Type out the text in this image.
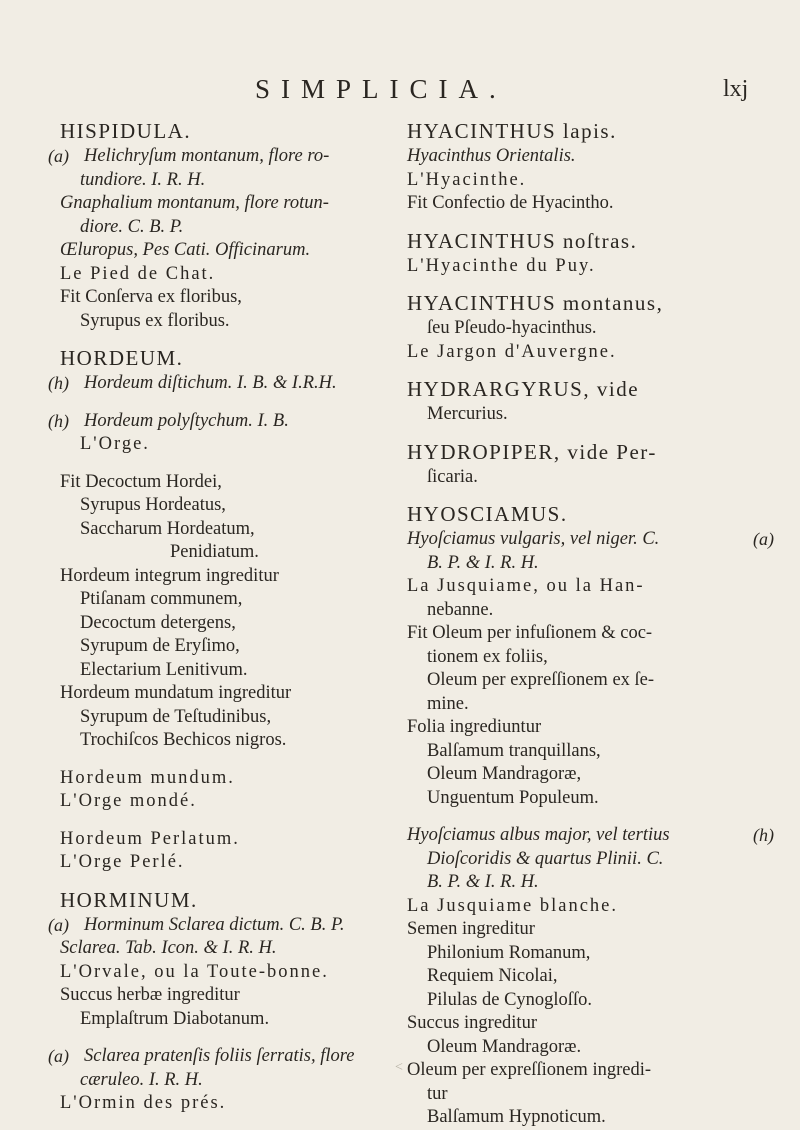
SIMPLICIA.	lxj
HISPIDULA.
Helichryſum montanum, flore ro-
(a)
tundiore. I. R. H.
Gnaphalium montanum, flore rotun-
diore. C. B. P.
Œluropus, Pes Cati. Officinarum.
Le Pied de Chat.
Fit Conſerva ex floribus,
Syrupus ex floribus.
HORDEUM.
Hordeum diſtichum. I. B. & I.R.H.
(h)
Hordeum polyſtychum. I. B.
(h)
L'Orge.
Fit Decoctum Hordei,
Syrupus Hordeatus,
Saccharum Hordeatum,
Penidiatum.
Hordeum integrum ingreditur
Ptiſanam communem,
Decoctum detergens,
Syrupum de Eryſimo,
Electarium Lenitivum.
Hordeum mundatum ingreditur
Syrupum de Teſtudinibus,
Trochiſcos Bechicos nigros.
Hordeum mundum.
L'Orge mondé.
Hordeum Perlatum.
L'Orge Perlé.
HORMINUM.
Horminum Sclarea dictum. C. B. P.
(a)
Sclarea. Tab. Icon. & I. R. H.
L'Orvale, ou la Toute-bonne.
Succus herbæ ingreditur
Emplaſtrum Diabotanum.
Sclarea pratenſis foliis ſerratis, flore
(a)
cæruleo. I. R. H.
L'Ormin des prés.
HYACINTHUS lapis.
Hyacinthus Orientalis.
L'Hyacinthe.
Fit Confectio de Hyacintho.
HYACINTHUS noſtras.
L'Hyacinthe du Puy.
HYACINTHUS montanus,
ſeu Pſeudo-hyacinthus.
Le Jargon d'Auvergne.
HYDRARGYRUS, vide
Mercurius.
HYDROPIPER, vide Per-
ſicaria.
HYOSCIAMUS.
Hyoſciamus vulgaris, vel niger. C.	(a)
B. P. & I. R. H.
La Jusquiame, ou la Han-
nebanne.
Fit Oleum per infuſionem & coc-
tionem ex foliis,
Oleum per expreſſionem ex ſe-
mine.
Folia ingrediuntur
Balſamum tranquillans,
Oleum Mandragoræ,
Unguentum Populeum.
Hyoſciamus albus major, vel tertius	(h)
Dioſcoridis & quartus Plinii. C.
B. P. & I. R. H.
La Jusquiame blanche.
Semen ingreditur
Philonium Romanum,
Requiem Nicolai,
Pilulas de Cynogloſſo.
Succus ingreditur
Oleum Mandragoræ.
Oleum per expreſſionem ingredi-
tur
Balſamum Hypnoticum.
<
